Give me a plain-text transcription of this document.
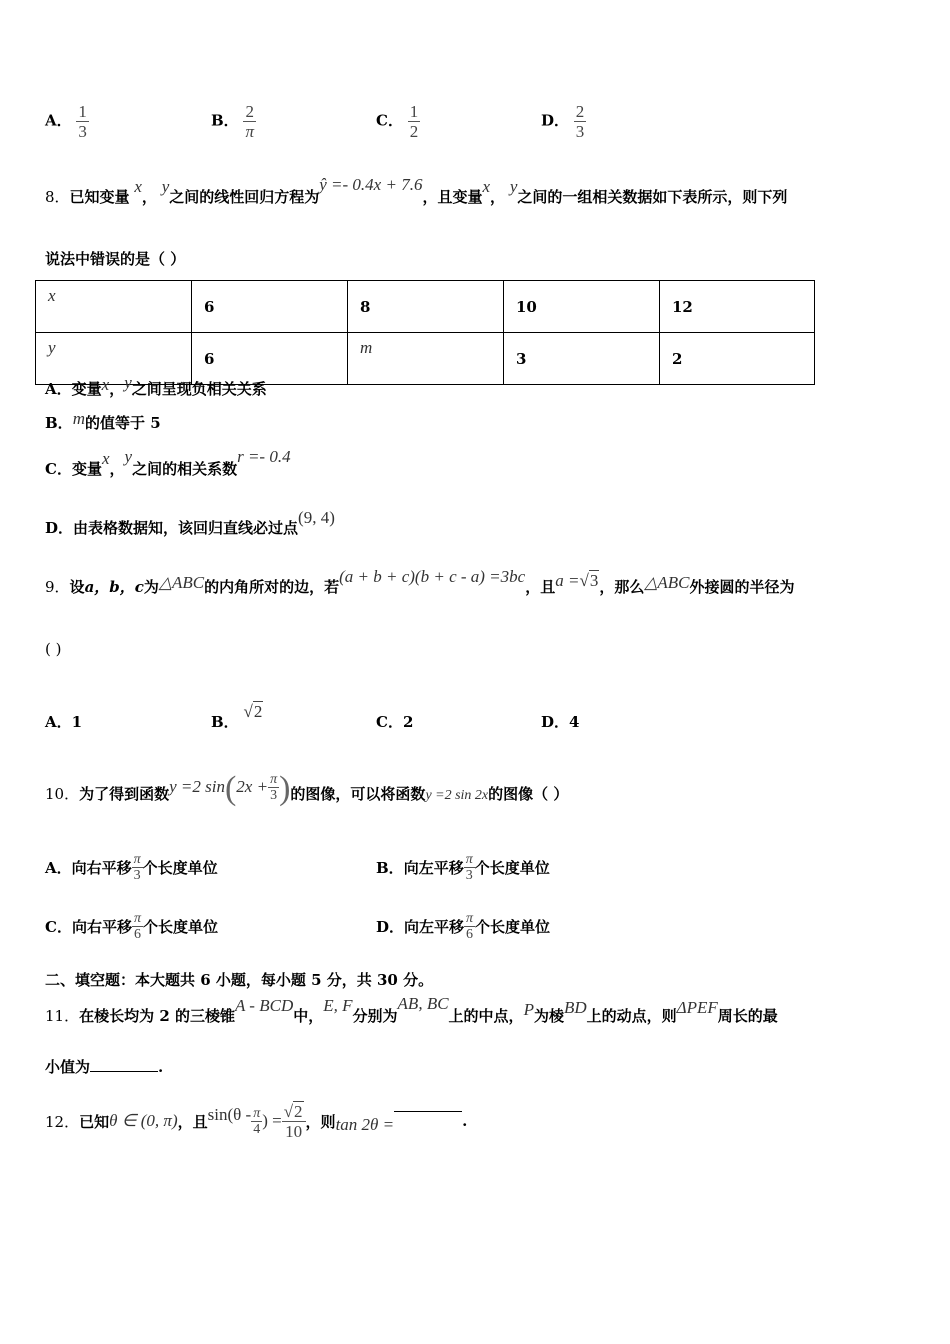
A． $\frac{1}{3}$	B． $\frac{2}{\pi}$	C． $\frac{1}{2}$	D． $\frac{2}{3}$
8．已知变量 x， y之间的线性回归方程为ŷ =- 0.4x + 7.6，且变量x， y之间的一组相关数据如下表所示，则下列
说法中错误的是（ ）
x	6	8	10	12
y	6	m	3	2
A．变量x，y之间呈现负相关关系
B．m的值等于 5
C．变量x，y之间的相关系数r =- 0.4
D．由表格数据知，该回归直线必过点(9, 4)
9．设a，b，c为△ABC的内角所对的边，若(a + b + c)(b + c - a) =3bc，且a =√3，那么△ABC外接圆的半径为
( )
A．1	B． √2
C．2	D．4
10． 为了得到函数 y =2 sin ( $2x + \frac{\pi}{3}$ ) 的图像，可以将函数 y =2 sin 2x 的图像（ ）
A． 向右平移 $\frac{\pi}{3}$ 个长度单位	B． 向左平移 $\frac{\pi}{3}$ 个长度单位
C． 向右平移 $\frac{\pi}{6}$ 个长度单位	D． 向左平移 $\frac{\pi}{6}$ 个长度单位
二、填空题：本大题共 6 小题，每小题 5 分，共 30 分。
11．在棱长均为 2 的三棱锥A - BCD中，E, F分别为AB, BC上的中点，P为棱BD上的动点，则ΔPEF周长的最
小值为	.
12． 已知 θ ∈ (0, π) ，且 $\sin(\theta - \frac{\pi}{4}$ ) = $\frac{√2}{10}$ ，则 tan 2θ =	.
